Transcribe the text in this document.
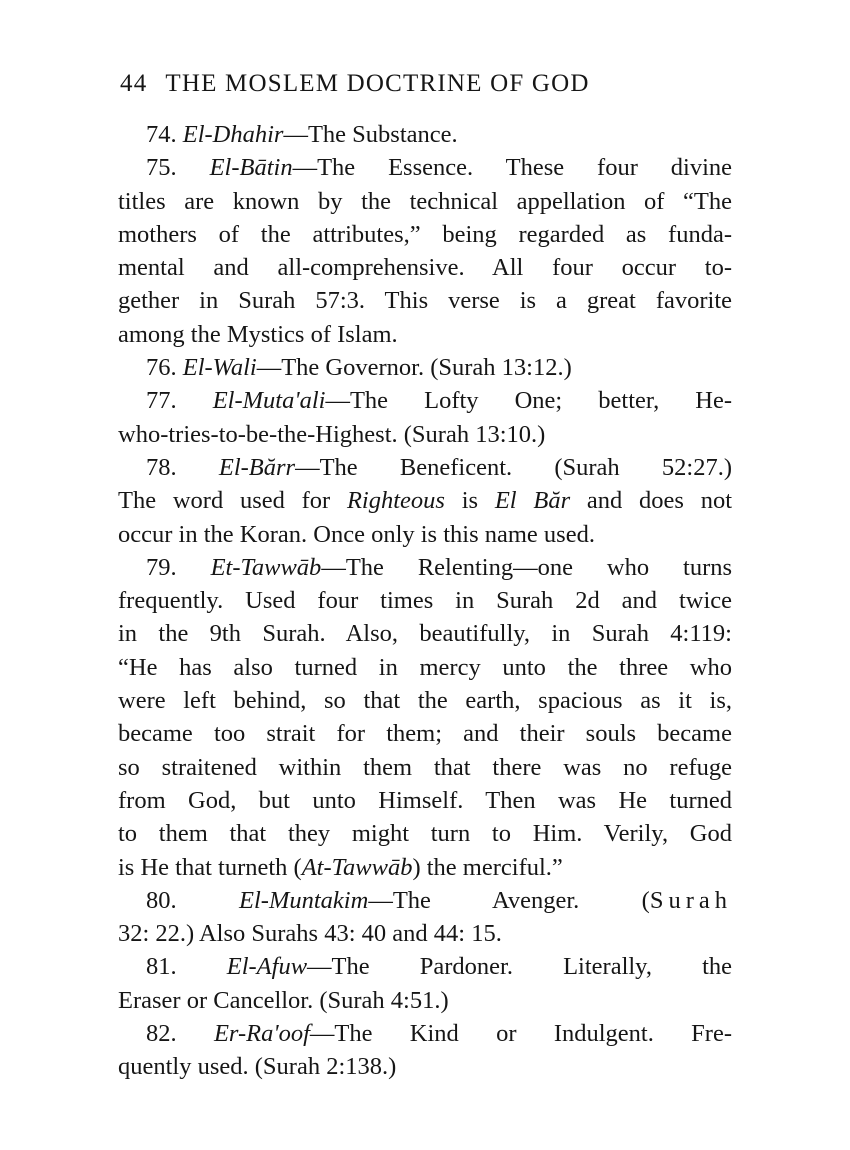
44 THE MOSLEM DOCTRINE OF GOD
74. El-Dhahir—The Substance.
75. El-Bātin—The Essence. These four divine
titles are known by the technical appellation of “The
mothers of the attributes,” being regarded as funda-
mental and all-comprehensive. All four occur to-
gether in Surah 57:3. This verse is a great favorite
among the Mystics of Islam.
76. El-Wali—The Governor. (Surah 13:12.)
77. El-Muta'ali—The Lofty One; better, He-
who-tries-to-be-the-Highest. (Surah 13:10.)
78. El-Bărr—The Beneficent. (Surah 52:27.)
The word used for Righteous is El Băr and does not
occur in the Koran. Once only is this name used.
79. Et-Tawwāb—The Relenting—one who turns
frequently. Used four times in Surah 2d and twice
in the 9th Surah. Also, beautifully, in Surah 4:119:
“He has also turned in mercy unto the three who
were left behind, so that the earth, spacious as it is,
became too strait for them; and their souls became
so straitened within them that there was no refuge
from God, but unto Himself. Then was He turned
to them that they might turn to Him. Verily, God
is He that turneth (At-Tawwāb) the merciful.”
80. El-Muntakim—The Avenger. (Surah
32: 22.) Also Surahs 43: 40 and 44: 15.
81. El-Afuw—The Pardoner. Literally, the
Eraser or Cancellor. (Surah 4:51.)
82. Er-Ra'oof—The Kind or Indulgent. Fre-
quently used. (Surah 2:138.)
